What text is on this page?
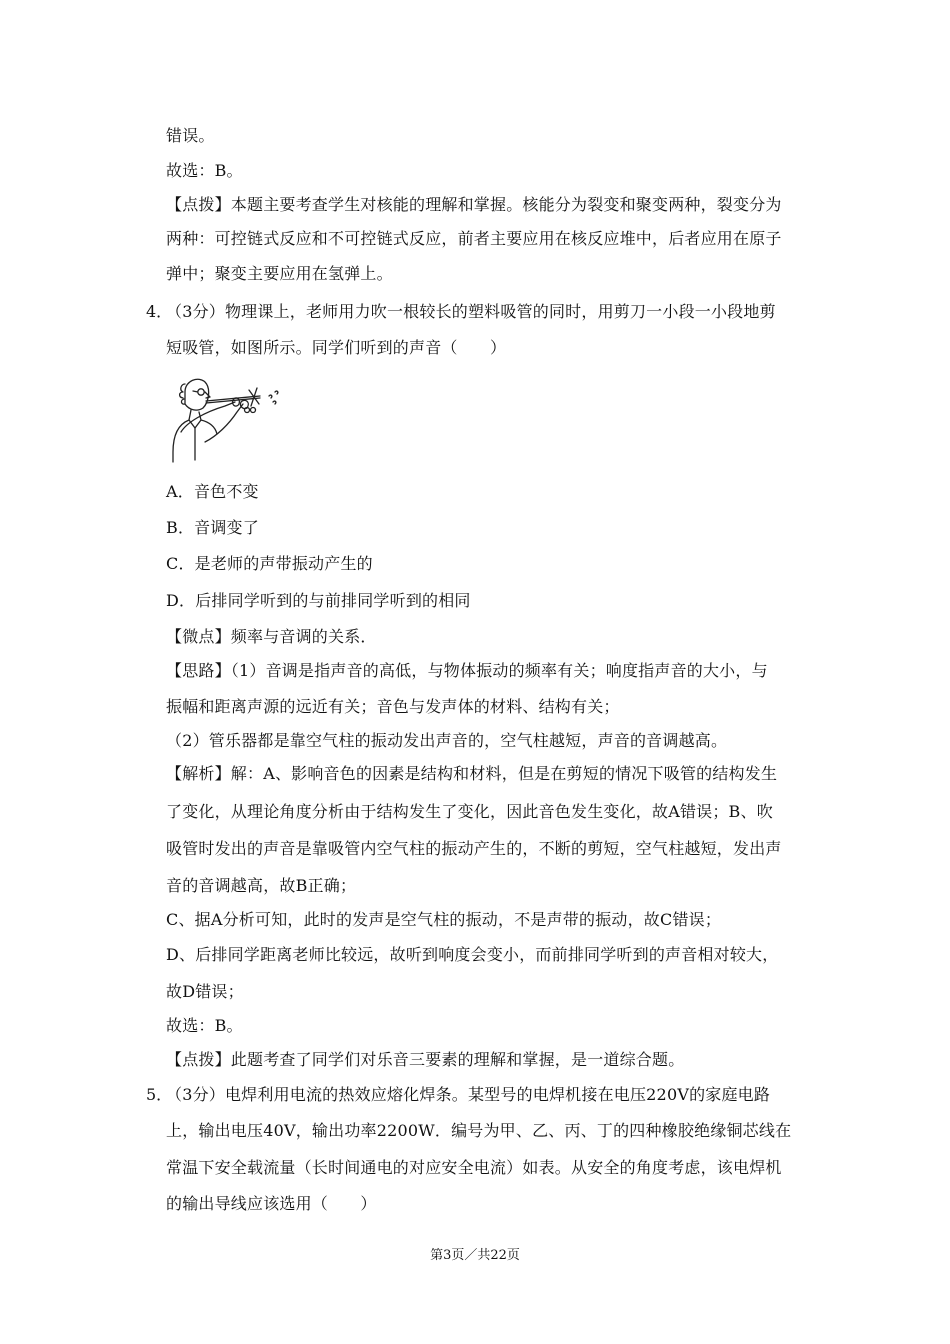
错误。
故选：B。
【点拨】本题主要考查学生对核能的理解和掌握。核能分为裂变和聚变两种，裂变分为
两种：可控链式反应和不可控链式反应，前者主要应用在核反应堆中，后者应用在原子
弹中；聚变主要应用在氢弹上。
4．
（3分）物理课上，老师用力吹一根较长的塑料吸管的同时，用剪刀一小段一小段地剪
短吸管，如图所示。同学们听到的声音（　　）
A．音色不变
B．音调变了
C．是老师的声带振动产生的
D．后排同学听到的与前排同学听到的相同
【微点】频率与音调的关系．
【思路】（1）音调是指声音的高低，与物体振动的频率有关；响度指声音的大小，与
振幅和距离声源的远近有关；音色与发声体的材料、结构有关；
（2）管乐器都是靠空气柱的振动发出声音的，空气柱越短，声音的音调越高。
【解析】解：A、影响音色的因素是结构和材料，但是在剪短的情况下吸管的结构发生
了变化，从理论角度分析由于结构发生了变化，因此音色发生变化，故A错误；B、吹
吸管时发出的声音是靠吸管内空气柱的振动产生的，不断的剪短，空气柱越短，发出声
音的音调越高，故B正确；
C、据A分析可知，此时的发声是空气柱的振动，不是声带的振动，故C错误；
D、后排同学距离老师比较远，故听到响度会变小，而前排同学听到的声音相对较大，
故D错误；
故选：B。
【点拨】此题考查了同学们对乐音三要素的理解和掌握，是一道综合题。
5．
（3分）电焊利用电流的热效应熔化焊条。某型号的电焊机接在电压220V的家庭电路
上，输出电压40V，输出功率2200W．编号为甲、乙、丙、丁的四种橡胶绝缘铜芯线在
常温下安全载流量（长时间通电的对应安全电流）如表。从安全的角度考虑，该电焊机
的输出导线应该选用（　　）
第3页／共22页
